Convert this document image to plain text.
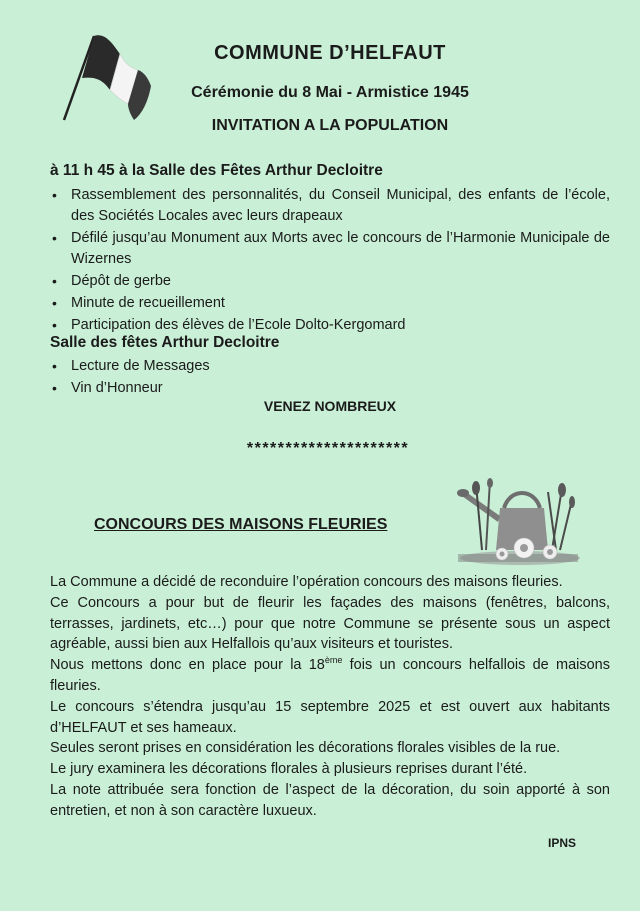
COMMUNE D’HELFAUT
Cérémonie du 8 Mai - Armistice 1945
INVITATION A LA POPULATION
à 11 h 45 à la Salle des Fêtes Arthur Decloitre
• Rassemblement des personnalités, du Conseil Municipal, des enfants de l’école, des Sociétés Locales avec leurs drapeaux
• Défilé jusqu’au Monument aux Morts avec le concours de l’Harmonie Municipale de Wizernes
• Dépôt de gerbe
• Minute de recueillement
• Participation des élèves de l’Ecole Dolto-Kergomard
Salle des fêtes Arthur Decloitre
• Lecture de Messages
• Vin d’Honneur
VENEZ NOMBREUX
*********************
CONCOURS DES MAISONS FLEURIES

La Commune a décidé de reconduire l’opération concours des maisons fleuries.

Ce Concours a pour but de fleurir les façades des maisons (fenêtres, balcons, terrasses, jardinets, etc…) pour que notre Commune se présente sous un aspect agréable, aussi bien aux Helfallois qu’aux visiteurs et touristes.

Nous mettons donc en place pour la 18ème fois un concours helfallois de maisons fleuries.

Le concours s’étendra jusqu’au 15 septembre 2025 et est ouvert aux habitants d’HELFAUT et ses hameaux.

Seules seront prises en considération les décorations florales visibles de la rue.

Le jury examinera les décorations florales à plusieurs reprises durant l’été.

La note attribuée sera fonction de l’aspect de la décoration, du soin apporté à son entretien, et non à son caractère luxueux.

IPNS
